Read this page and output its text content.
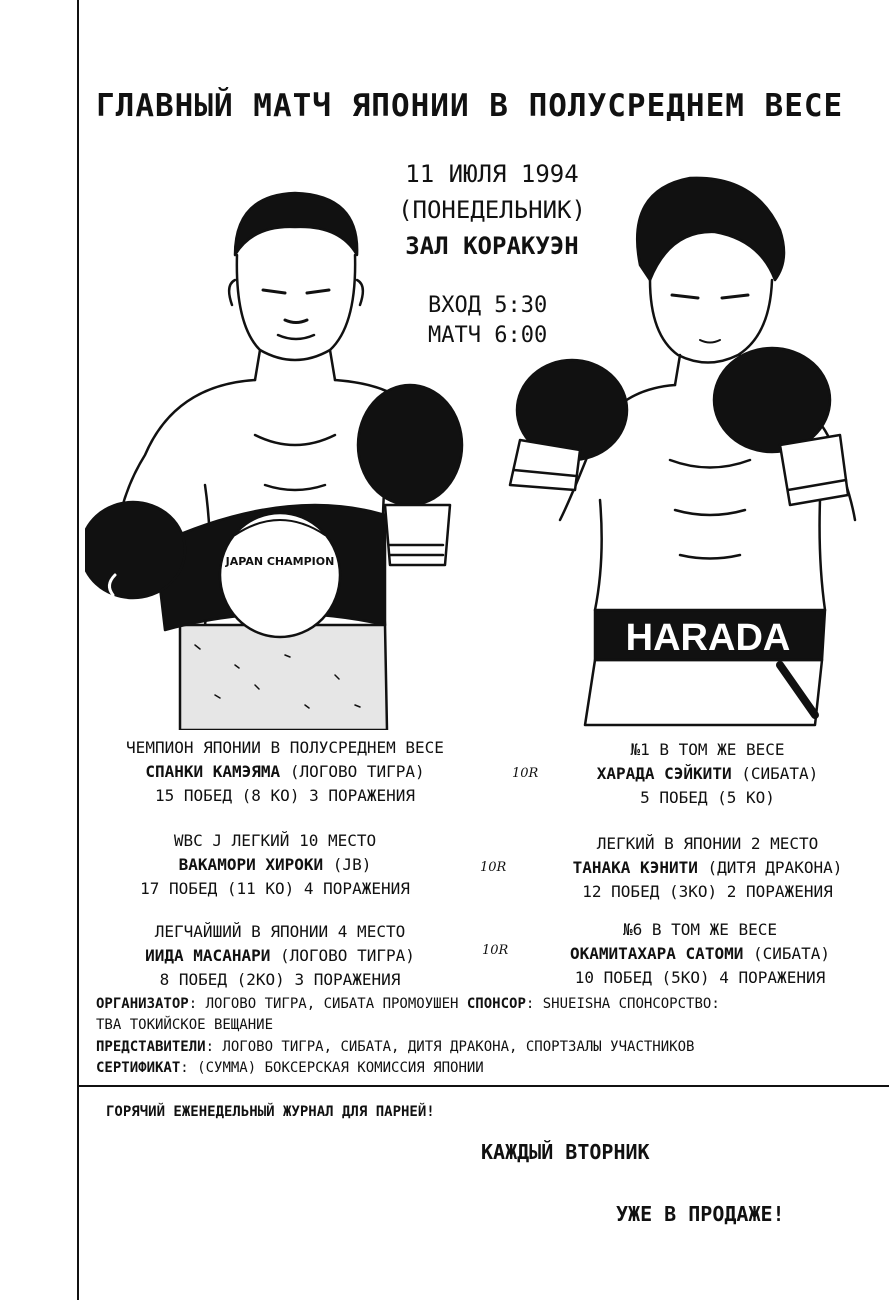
ГЛАВНЫЙ МАТЧ ЯПОНИИ В ПОЛУСРЕДНЕМ ВЕСЕ
11 ИЮЛЯ 1994
(ПОНЕДЕЛЬНИК)
ЗАЛ КОРАКУЭН
ВХОД 5:30
МАТЧ 6:00
JAPAN CHAMPION
HARADA
ЧЕМПИОН ЯПОНИИ В ПОЛУСРЕДНЕМ ВЕСЕ
СПАНКИ КАМЭЯМА (ЛОГОВО ТИГРА)
15 ПОБЕД (8 КО) 3 ПОРАЖЕНИЯ
10R
№1 В ТОМ ЖЕ ВЕСЕ
ХАРАДА СЭЙКИТИ (СИБАТА)
5 ПОБЕД (5 КО)
WBC J ЛЕГКИЙ 10 МЕСТО
ВАКАМОРИ ХИРОКИ (JB)
17 ПОБЕД (11 КО) 4 ПОРАЖЕНИЯ
10R
ЛЕГКИЙ В ЯПОНИИ 2 МЕСТО
ТАНАКА КЭНИТИ (ДИТЯ ДРАКОНА)
12 ПОБЕД (3КО) 2 ПОРАЖЕНИЯ
ЛЕГЧАЙШИЙ В ЯПОНИИ 4 МЕСТО
ИИДА МАСАНАРИ (ЛОГОВО ТИГРА)
8 ПОБЕД (2КО) 3 ПОРАЖЕНИЯ
10R
№6 В ТОМ ЖЕ ВЕСЕ
ОКАМИТАХАРА САТОМИ (СИБАТА)
10 ПОБЕД (5КО) 4 ПОРАЖЕНИЯ
ОРГАНИЗАТОР: ЛОГОВО ТИГРА, СИБАТА ПРОМОУШЕН СПОНСОР: SHUEISHA СПОНСОРСТВО:
ТВА ТОКИЙСКОЕ ВЕЩАНИЕ
ПРЕДСТАВИТЕЛИ: ЛОГОВО ТИГРА, СИБАТА, ДИТЯ ДРАКОНА, СПОРТЗАЛЫ УЧАСТНИКОВ
СЕРТИФИКАТ: (СУММА) БОКСЕРСКАЯ КОМИССИЯ ЯПОНИИ
ГОРЯЧИЙ ЕЖЕНЕДЕЛЬНЫЙ ЖУРНАЛ ДЛЯ ПАРНЕЙ!
КАЖДЫЙ ВТОРНИК
УЖЕ В ПРОДАЖЕ!
